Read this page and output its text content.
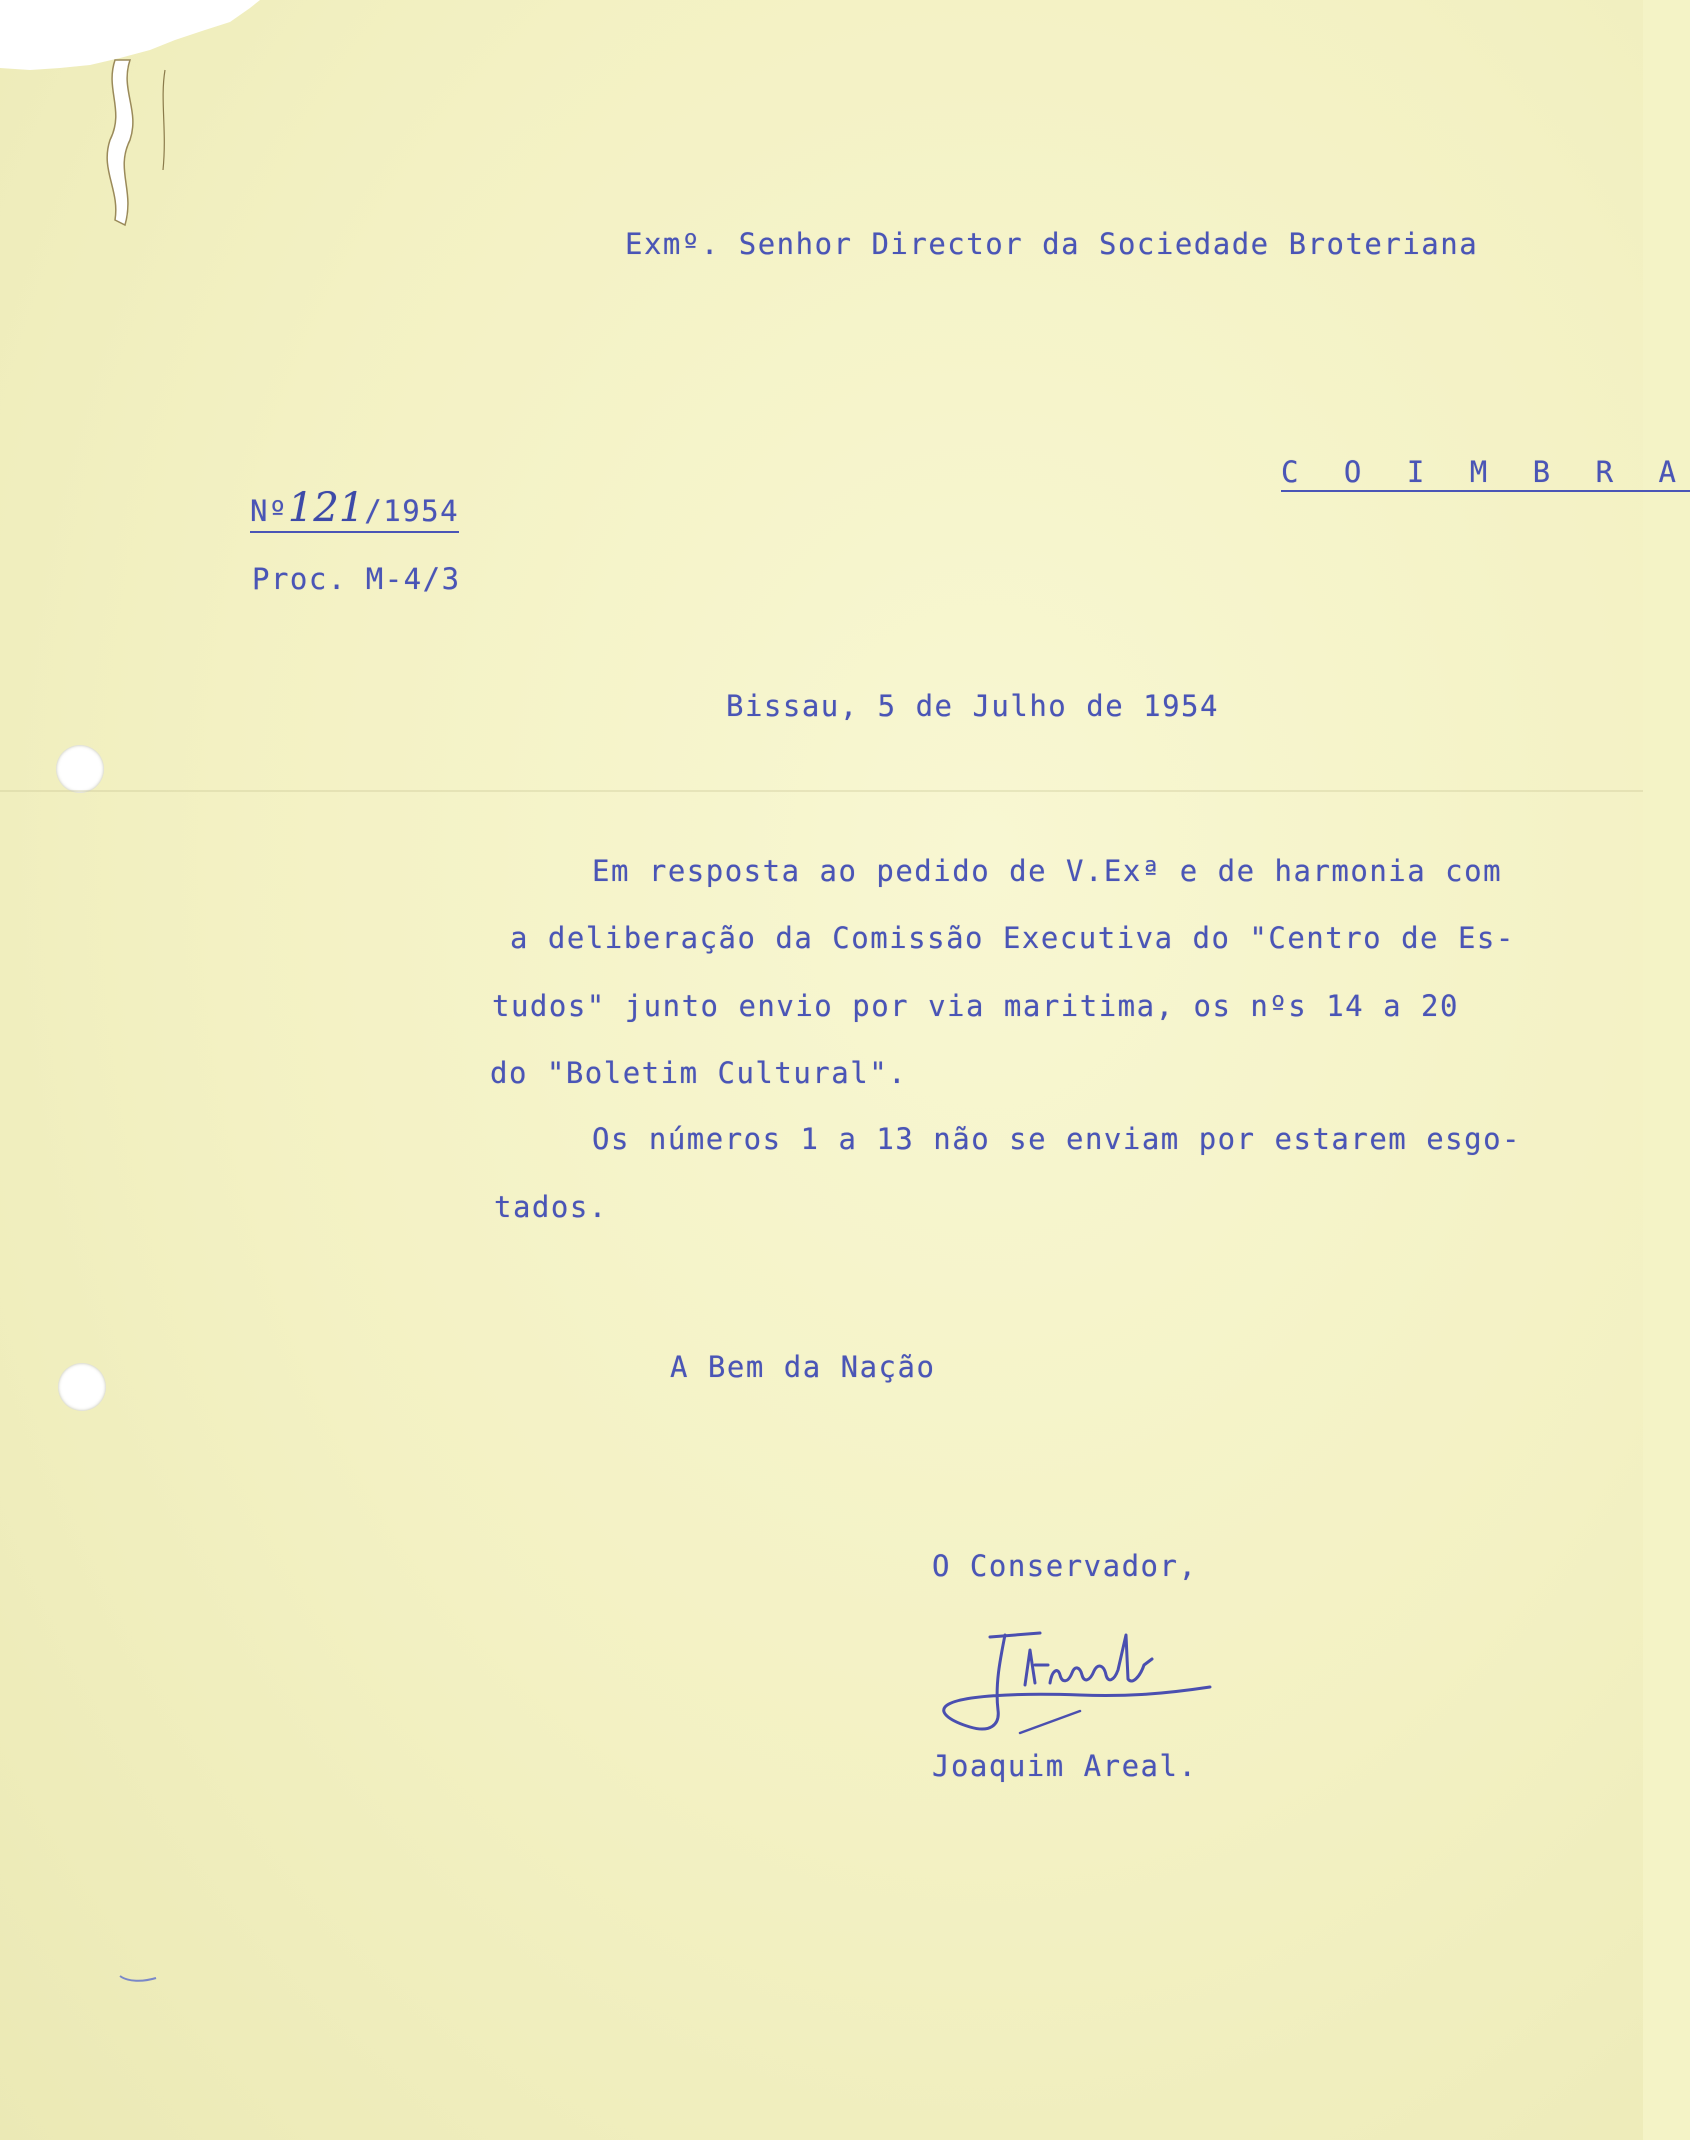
Exmº. Senhor Director da Sociedade Broteriana
C O I M B R A
Nº121/1954
Proc. M-4/3
Bissau, 5 de Julho de 1954
Em resposta ao pedido de V.Exª e de harmonia com
a deliberação da Comissão Executiva do "Centro de Es-
tudos" junto envio por via maritima, os nºs 14 a 20
do "Boletim Cultural".
Os números 1 a 13 não se enviam por estarem esgo-
tados.
A Bem da Nação
O Conservador,
Joaquim Areal.
